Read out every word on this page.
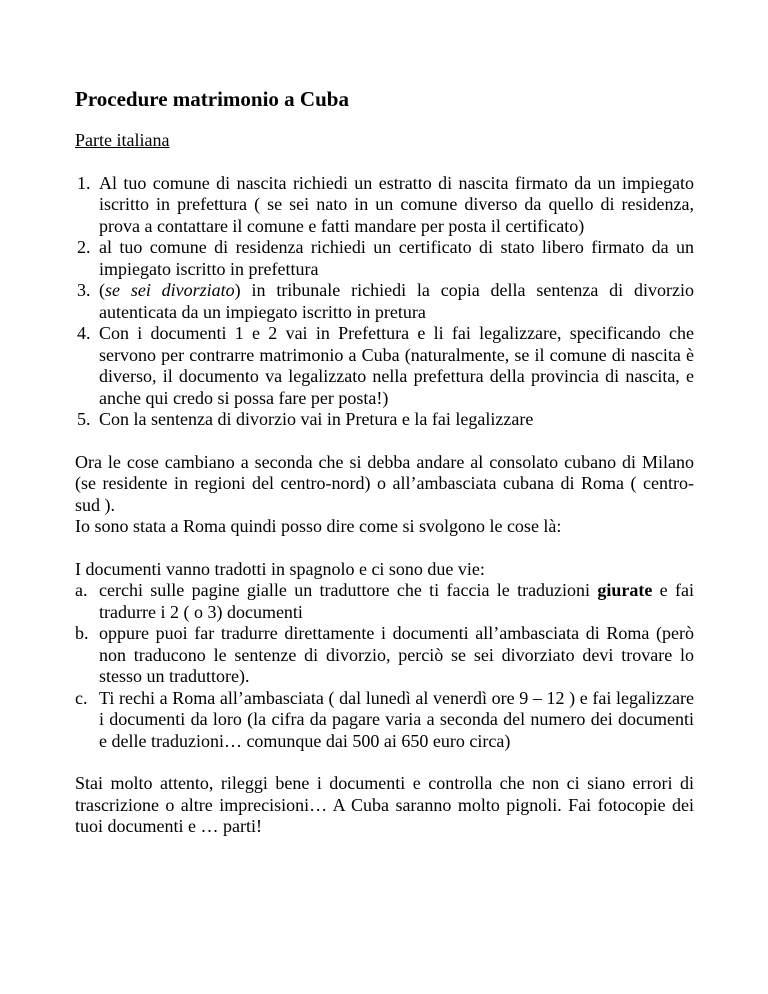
Procedure matrimonio a Cuba
Parte italiana
1. Al tuo comune di nascita richiedi un estratto di nascita firmato da un impiegato iscritto in prefettura ( se sei nato in un comune diverso da quello di residenza, prova a contattare il comune e fatti mandare per posta il certificato)
2. al tuo comune di residenza richiedi un certificato di stato libero firmato da un impiegato iscritto in prefettura
3. (se sei divorziato) in tribunale richiedi la copia della sentenza di divorzio autenticata da un impiegato iscritto in pretura
4. Con i documenti 1 e 2 vai in Prefettura e li fai legalizzare, specificando che servono per contrarre matrimonio a Cuba (naturalmente, se il comune di nascita è diverso, il documento va legalizzato nella prefettura della provincia di nascita, e anche qui credo si possa fare per posta!)
5. Con la sentenza di divorzio vai in Pretura e la fai legalizzare

Ora le cose cambiano a seconda che si debba andare al consolato cubano di Milano (se residente in regioni del centro-nord) o all’ambasciata cubana di Roma ( centro-sud ).

Io sono stata a Roma quindi posso dire come si svolgono le cose là:

I documenti vanno tradotti in spagnolo e ci sono due vie:

a. cerchi sulle pagine gialle un traduttore che ti faccia le traduzioni giurate e fai tradurre i 2 ( o 3) documenti
b. oppure puoi far tradurre direttamente i documenti all’ambasciata di Roma (però non traducono le sentenze di divorzio, perciò se sei divorziato devi trovare lo stesso un traduttore).
c. Ti rechi a Roma all’ambasciata ( dal lunedì al venerdì ore 9 – 12 ) e fai legalizzare i documenti da loro (la cifra da pagare varia a seconda del numero dei documenti e delle traduzioni… comunque dai 500 ai 650 euro circa)

Stai molto attento, rileggi bene i documenti e controlla che non ci siano errori di trascrizione o altre imprecisioni… A Cuba saranno molto pignoli. Fai fotocopie dei tuoi documenti e … parti!
